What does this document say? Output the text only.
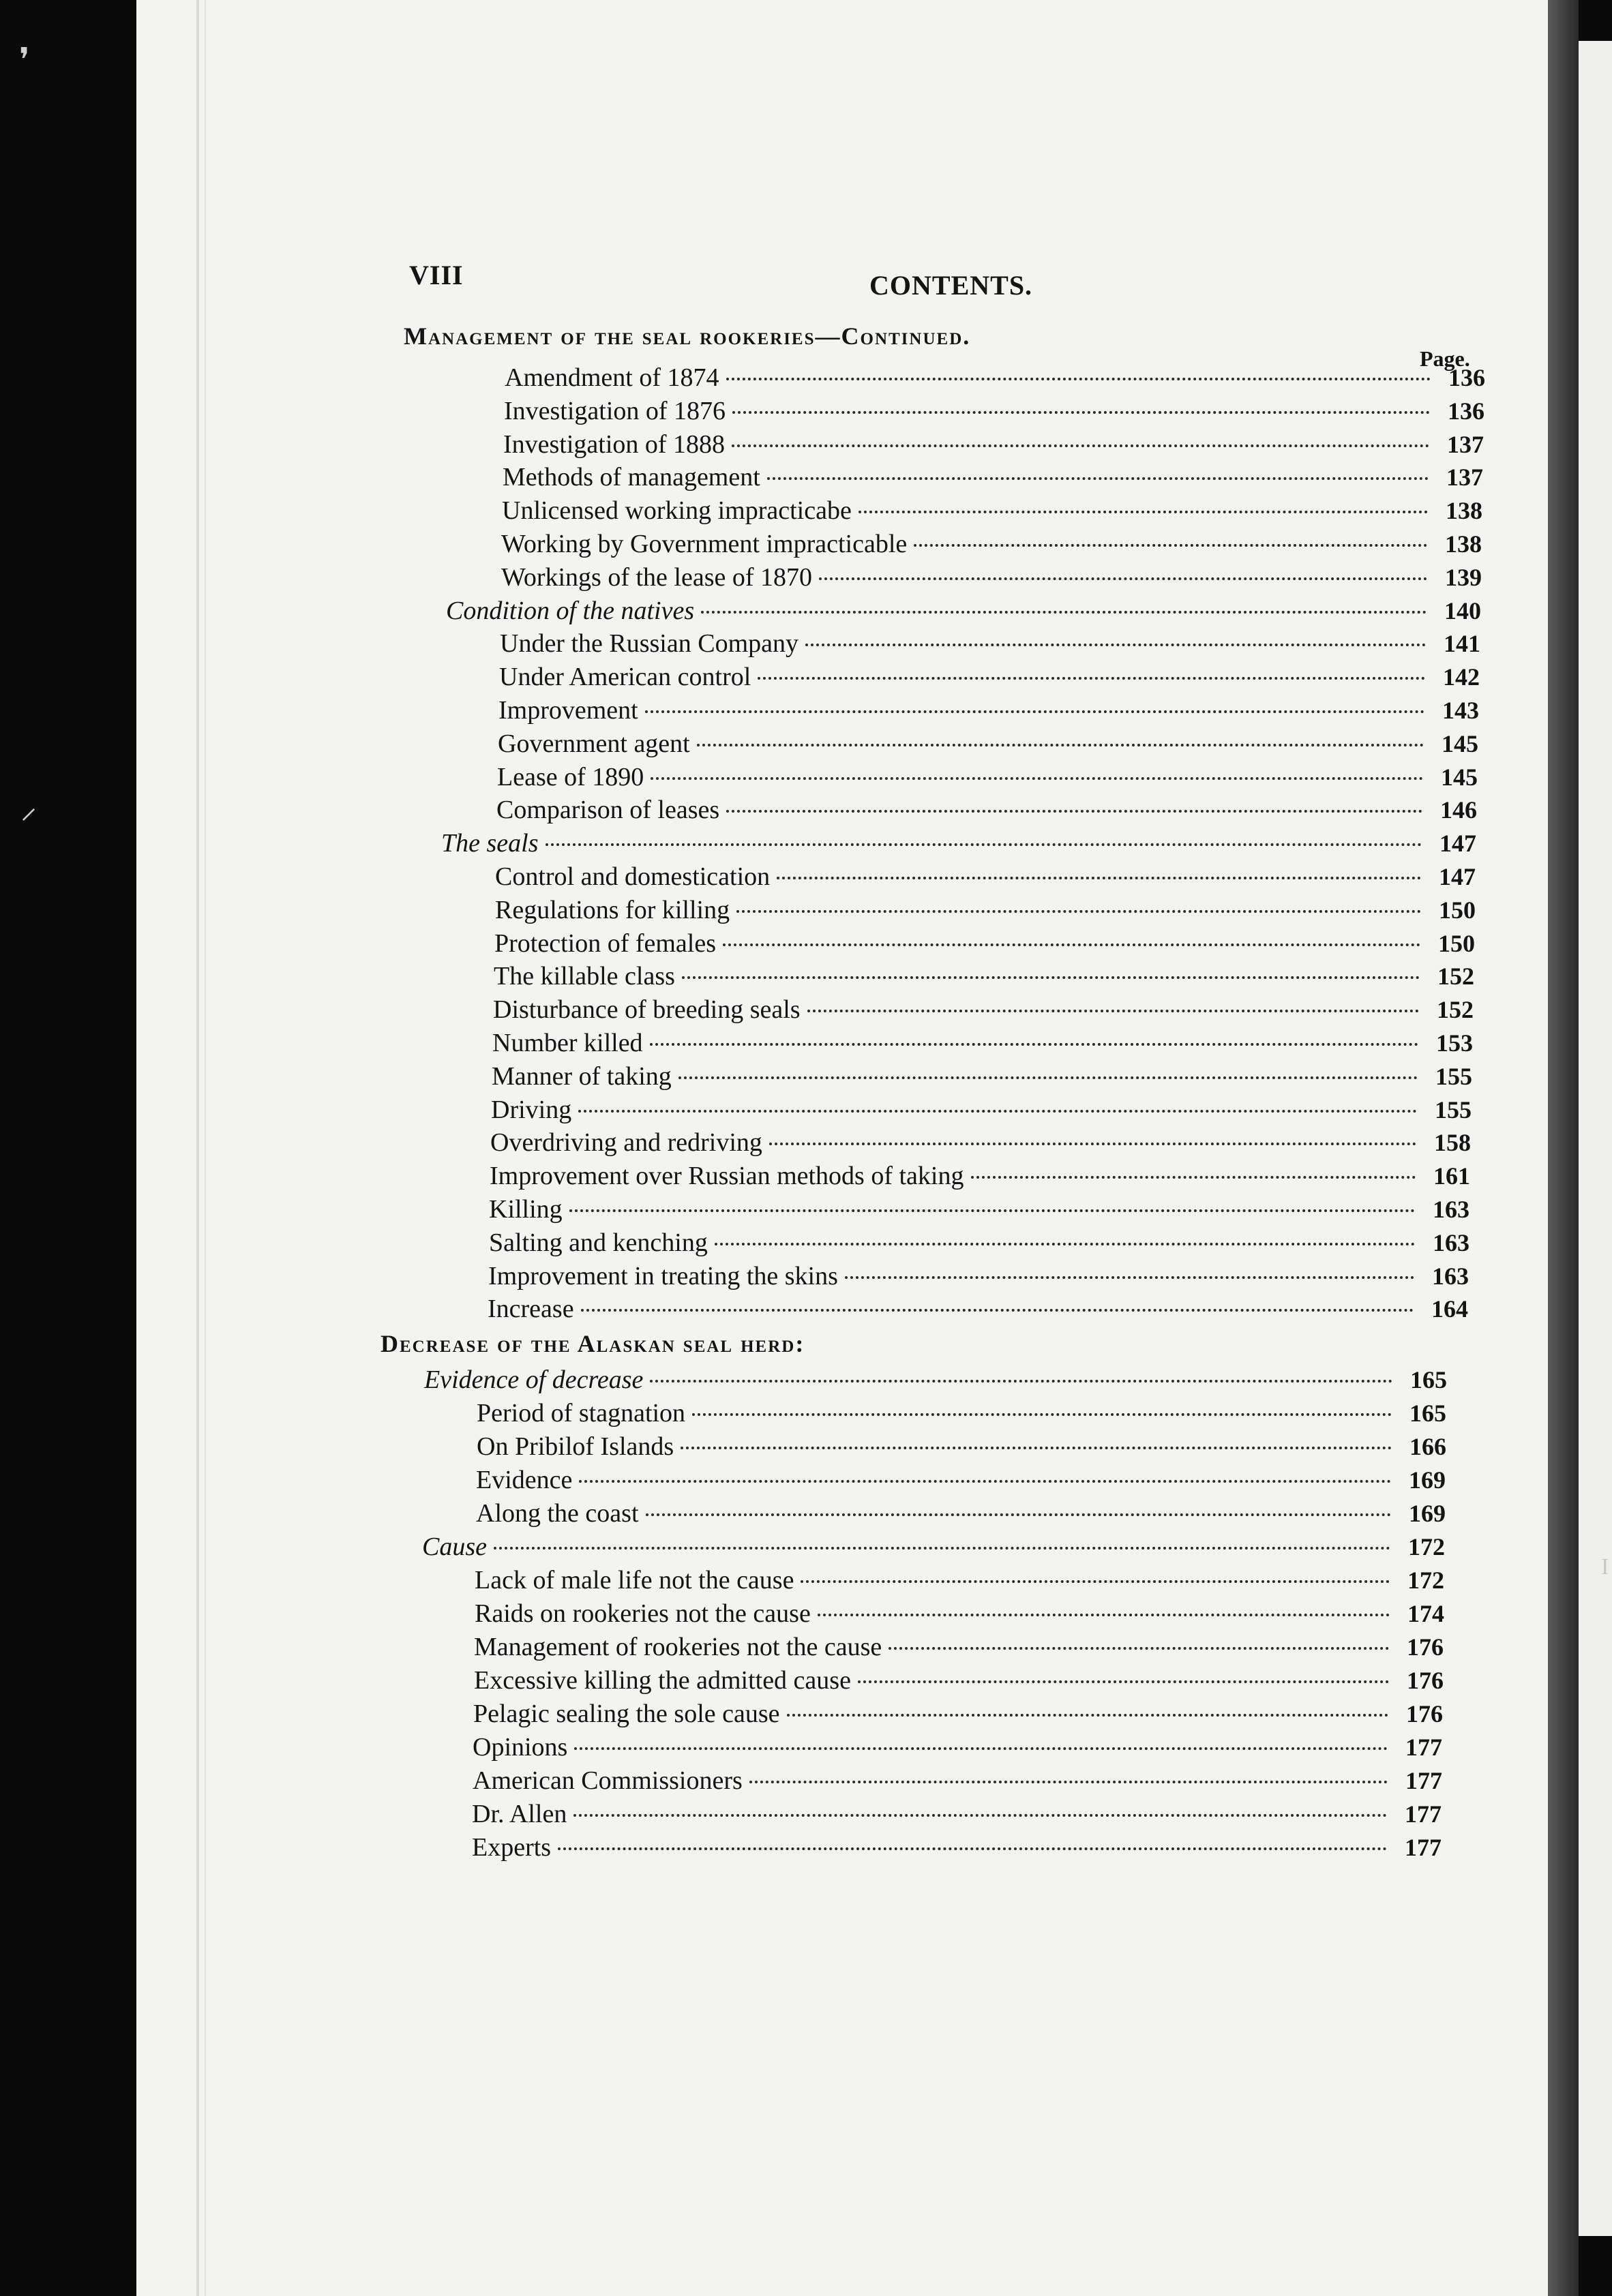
❜
⸝
I
VIII	CONTENTS.
Management of the seal rookeries—Continued.
Page.
Amendment of 1874	136
Investigation of 1876	136
Investigation of 1888	137
Methods of management	137
Unlicensed working impracticabe	138
Working by Government impracticable	138
Workings of the lease of 1870	139
Condition of the natives	140
Under the Russian Company	141
Under American control	142
Improvement	143
Government agent	145
Lease of 1890	145
Comparison of leases	146
The seals	147
Control and domestication	147
Regulations for killing	150
Protection of females	150
The killable class	152
Disturbance of breeding seals	152
Number killed	153
Manner of taking	155
Driving	155
Overdriving and redriving	158
Improvement over Russian methods of taking	161
Killing	163
Salting and kenching	163
Improvement in treating the skins	163
Increase	164
Decrease of the Alaskan seal herd:
Evidence of decrease	165
Period of stagnation	165
On Pribilof Islands	166
Evidence	169
Along the coast	169
Cause	172
Lack of male life not the cause	172
Raids on rookeries not the cause	174
Management of rookeries not the cause	176
Excessive killing the admitted cause	176
Pelagic sealing the sole cause	176
Opinions	177
American Commissioners	177
Dr. Allen	177
Experts	177
